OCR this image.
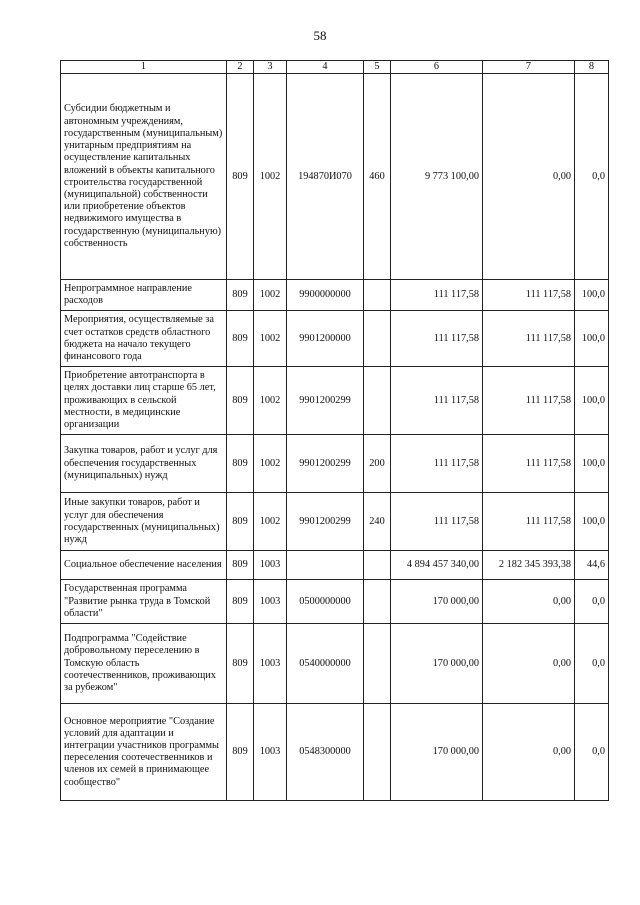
58
1	2	3	4	5	6	7	8
Субсидии бюджетным и автономным учреждениям, государственным (муниципальным) унитарным предприятиям на осуществление капитальных вложений в объекты капитального строительства государственной (муниципальной) собственности или приобретение объектов недвижимого имущества в государственную (муниципальную) собственность	809	1002	194870И070	460	9 773 100,00	0,00	0,0
Непрограммное направление расходов	809	1002	9900000000		111 117,58	111 117,58	100,0
Мероприятия, осуществляемые за счет остатков средств областного бюджета на начало текущего финансового года	809	1002	9901200000		111 117,58	111 117,58	100,0
Приобретение автотранспорта в целях доставки лиц старше 65 лет, проживающих в сельской местности, в медицинские организации	809	1002	9901200299		111 117,58	111 117,58	100,0
Закупка товаров, работ и услуг для обеспечения государственных (муниципальных) нужд	809	1002	9901200299	200	111 117,58	111 117,58	100,0
Иные закупки товаров, работ и услуг для обеспечения государственных (муниципальных) нужд	809	1002	9901200299	240	111 117,58	111 117,58	100,0
Социальное обеспечение населения	809	1003			4 894 457 340,00	2 182 345 393,38	44,6
Государственная программа "Развитие рынка труда в Томской области"	809	1003	0500000000		170 000,00	0,00	0,0
Подпрограмма "Содействие добровольному переселению в Томскую область соотечественников, проживающих за рубежом"	809	1003	0540000000		170 000,00	0,00	0,0
Основное мероприятие "Создание условий для адаптации и интеграции участников программы переселения соотечественников и членов их семей в принимающее сообщество"	809	1003	0548300000		170 000,00	0,00	0,0
